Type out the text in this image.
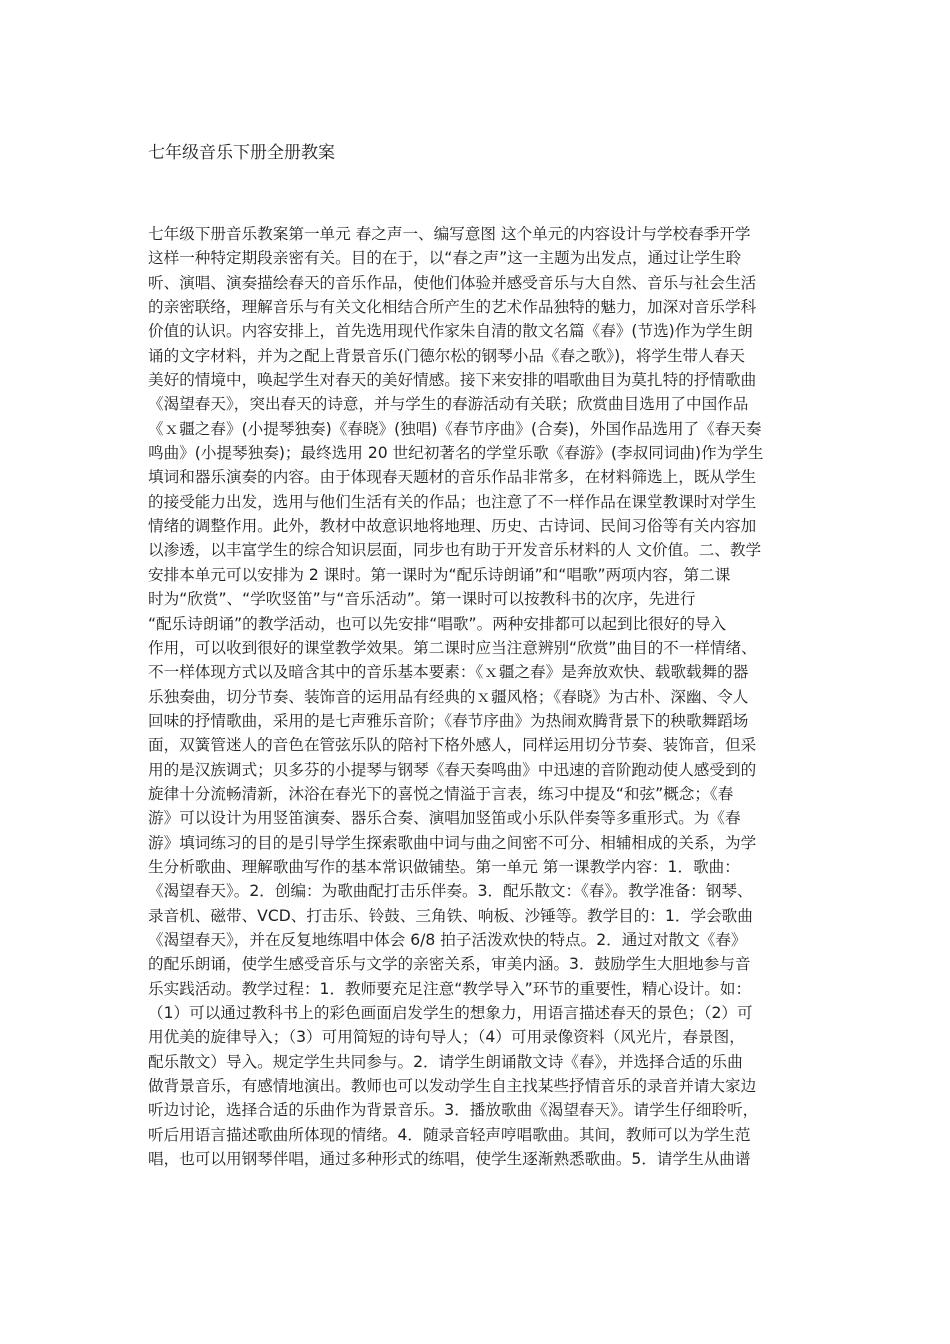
七年级音乐下册全册教案
七年级下册音乐教案第一单元 春之声一、编写意图 这个单元的内容设计与学校春季开学
这样一种特定期段亲密有关。目的在于，以“春之声”这一主题为出发点，通过让学生聆
听、演唱、演奏描绘春天的音乐作品，使他们体验并感受音乐与大自然、音乐与社会生活
的亲密联络，理解音乐与有关文化相结合所产生的艺术作品独特的魅力，加深对音乐学科
价值的认识。内容安排上，首先选用现代作家朱自清的散文名篇《春》(节选)作为学生朗
诵的文字材料，并为之配上背景音乐(门德尔松的钢琴小品《春之歌》)，将学生带人春天
美好的情境中，唤起学生对春天的美好情感。接下来安排的唱歌曲目为莫扎特的抒情歌曲
《渴望春天》，突出春天的诗意，并与学生的春游活动有关联；欣赏曲目选用了中国作品
《ｘ疆之春》(小提琴独奏)《春晓》(独唱)《春节序曲》(合奏)，外国作品选用了《春天奏
鸣曲》(小提琴独奏)；最终选用 20 世纪初著名的学堂乐歌《春游》(李叔同词曲)作为学生
填词和器乐演奏的内容。由于体现春天题材的音乐作品非常多，在材料筛选上，既从学生
的接受能力出发，选用与他们生活有关的作品；也注意了不一样作品在课堂教课时对学生
情绪的调整作用。此外，教材中故意识地将地理、历史、古诗词、民间习俗等有关内容加
以渗透，以丰富学生的综合知识层面，同步也有助于开发音乐材料的人 文价值。二、教学
安排本单元可以安排为 2 课时。第一课时为“配乐诗朗诵”和“唱歌”两项内容，第二课
时为“欣赏”、“学吹竖笛”与“音乐活动”。第一课时可以按教科书的次序，先进行
“配乐诗朗诵”的教学活动，也可以先安排“唱歌”。两种安排都可以起到比很好的导入
作用，可以收到很好的课堂教学效果。第二课时应当注意辨别“欣赏”曲目的不一样情绪、
不一样体现方式以及暗含其中的音乐基本要素：《ｘ疆之春》是奔放欢快、载歌载舞的器
乐独奏曲，切分节奏、装饰音的运用品有经典的ｘ疆风格；《春晓》为古朴、深幽、令人
回味的抒情歌曲，采用的是七声雅乐音阶；《春节序曲》为热闹欢腾背景下的秧歌舞蹈场
面，双簧管迷人的音色在管弦乐队的陪衬下格外感人，同样运用切分节奏、装饰音，但采
用的是汉族调式；贝多芬的小提琴与钢琴《春天奏鸣曲》中迅速的音阶跑动使人感受到的
旋律十分流畅清新，沐浴在春光下的喜悦之情溢于言表，练习中提及“和弦”概念；《春
游》可以设计为用竖笛演奏、器乐合奏、演唱加竖笛或小乐队伴奏等多重形式。为《春
游》填词练习的目的是引导学生探索歌曲中词与曲之间密不可分、相辅相成的关系，为学
生分析歌曲、理解歌曲写作的基本常识做铺垫。第一单元 第一课教学内容：1．歌曲：
《渴望春天》。2．创编：为歌曲配打击乐伴奏。3．配乐散文：《春》。教学准备：钢琴、
录音机、磁带、VCD、打击乐、铃鼓、三角铁、响板、沙锤等。教学目的：1．学会歌曲
《渴望春天》，并在反复地练唱中体会 6/8 拍子活泼欢快的特点。2．通过对散文《春》
的配乐朗诵，使学生感受音乐与文学的亲密关系，审美内涵。3．鼓励学生大胆地参与音
乐实践活动。教学过程：1．教师要充足注意“教学导入”环节的重要性，精心设计。如：
（1）可以通过教科书上的彩色画面启发学生的想象力，用语言描述春天的景色；（2）可
用优美的旋律导入；（3）可用简短的诗句导人；（4）可用录像资料（风光片，春景图，
配乐散文）导入。规定学生共同参与。2．请学生朗诵散文诗《春》，并选择合适的乐曲
做背景音乐，有感情地演出。教师也可以发动学生自主找某些抒情音乐的录音并请大家边
听边讨论，选择合适的乐曲作为背景音乐。3．播放歌曲《渴望春天》。请学生仔细聆听，
听后用语言描述歌曲所体现的情绪。4．随录音轻声哼唱歌曲。其间，教师可以为学生范
唱，也可以用钢琴伴唱，通过多种形式的练唱，使学生逐渐熟悉歌曲。5．请学生从曲谱
